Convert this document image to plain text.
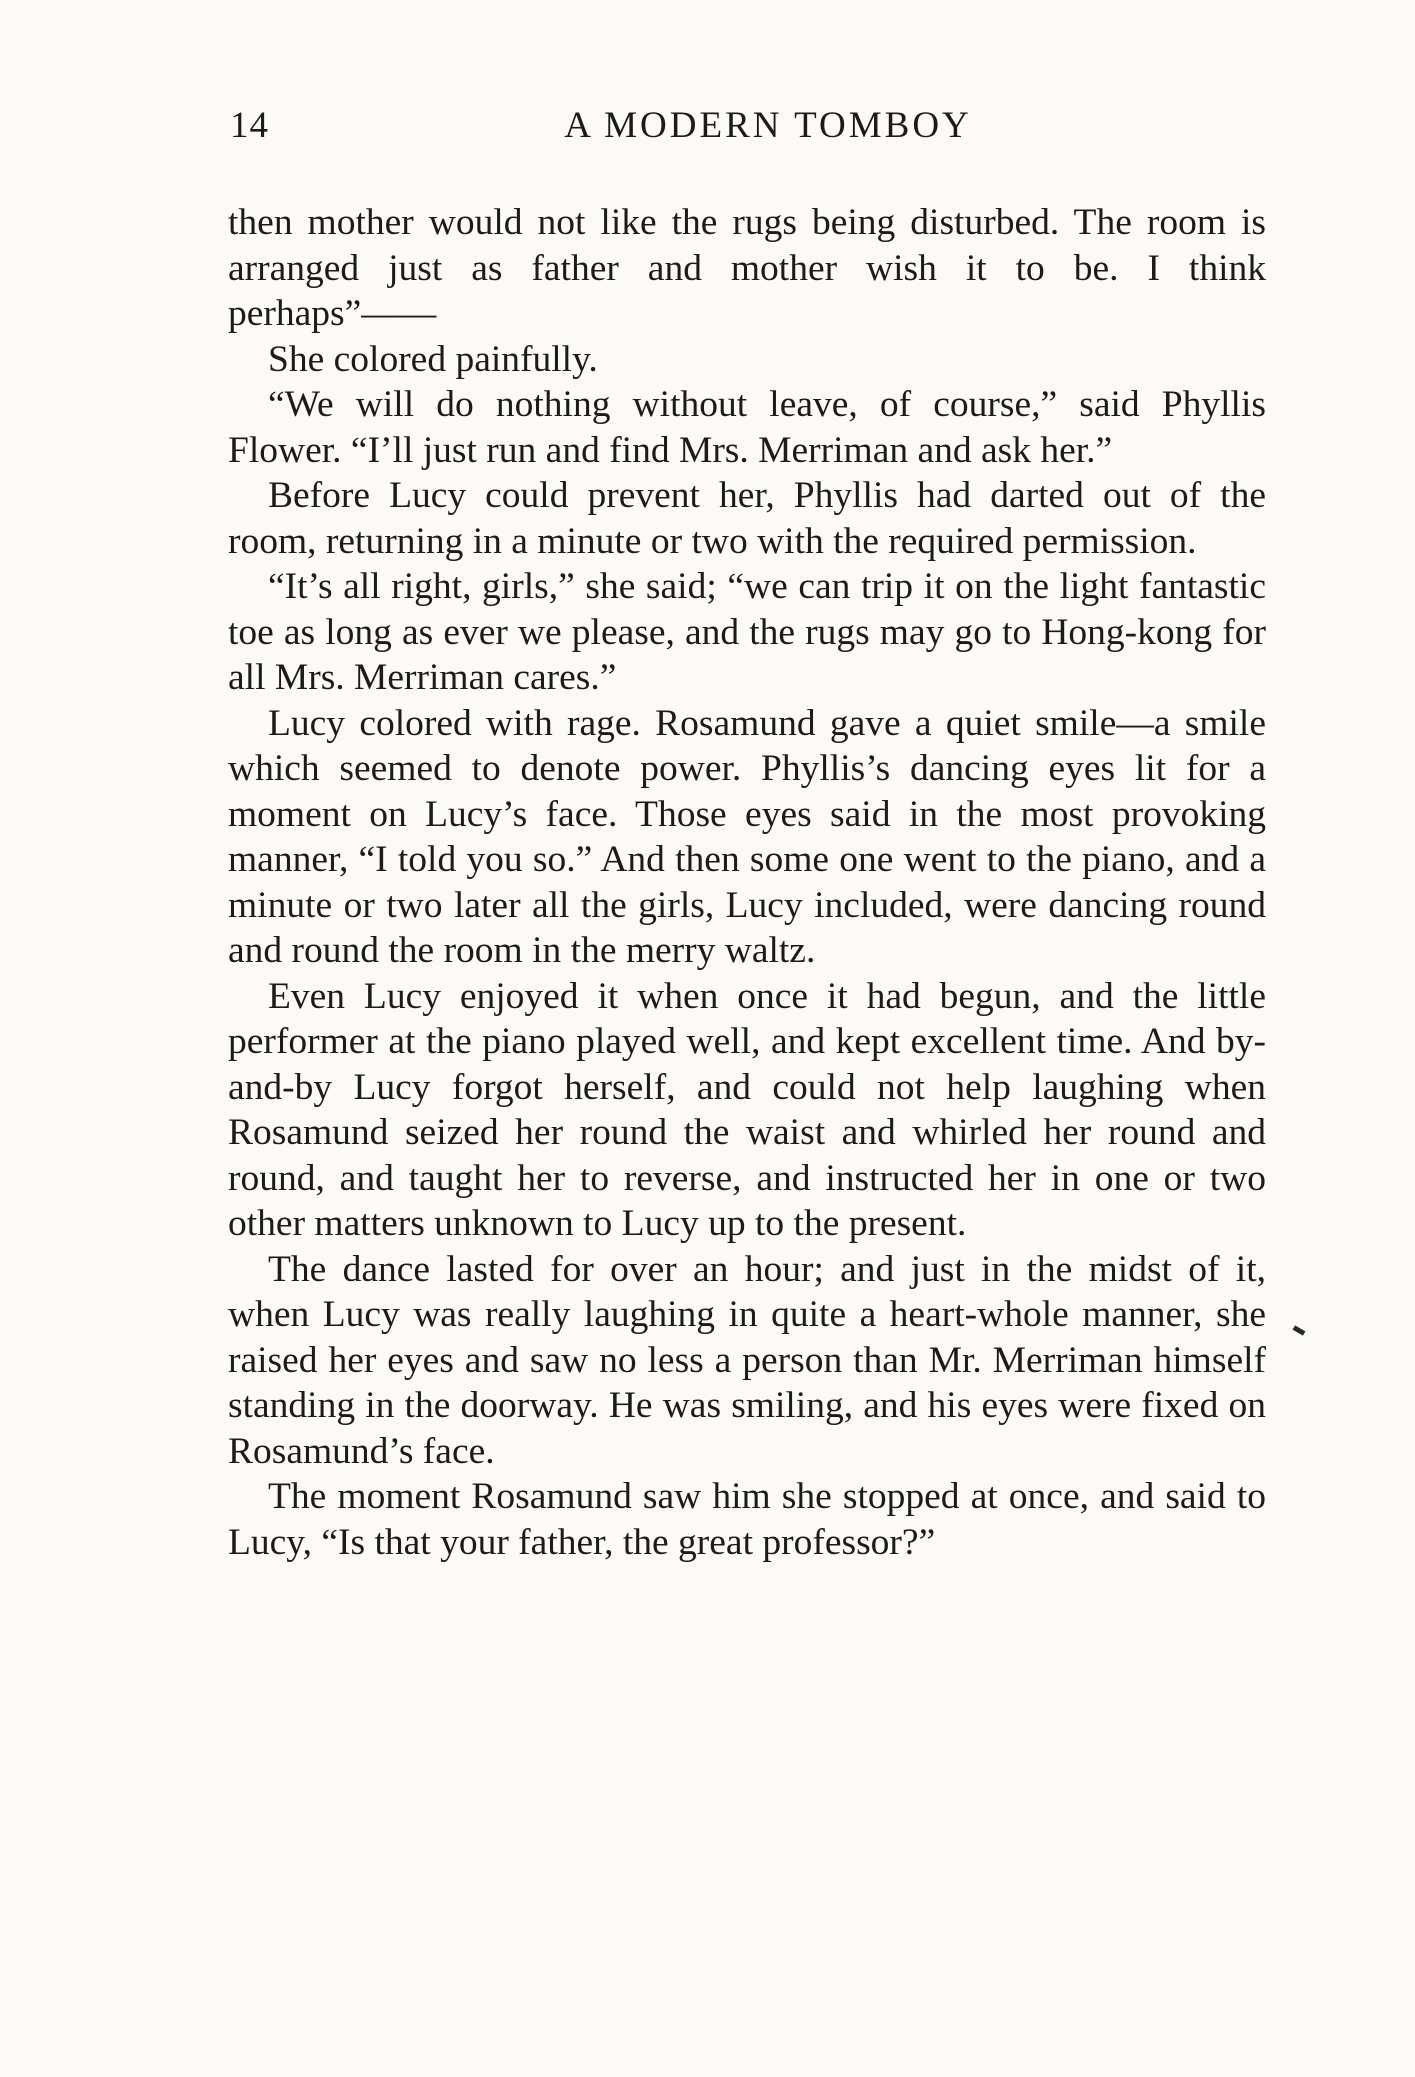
14	A MODERN TOMBOY

then mother would not like the rugs being disturbed. The room is arranged just as father and mother wish it to be. I think perhaps”——

She colored painfully.

“We will do nothing without leave, of course,” said Phyllis Flower. “I’ll just run and find Mrs. Merriman and ask her.”

Before Lucy could prevent her, Phyllis had darted out of the room, returning in a minute or two with the required permission.

“It’s all right, girls,” she said; “we can trip it on the light fantastic toe as long as ever we please, and the rugs may go to Hong-kong for all Mrs. Merriman cares.”

Lucy colored with rage. Rosamund gave a quiet smile—a smile which seemed to denote power. Phyllis’s dancing eyes lit for a moment on Lucy’s face. Those eyes said in the most provoking manner, “I told you so.” And then some one went to the piano, and a minute or two later all the girls, Lucy included, were dancing round and round the room in the merry waltz.

Even Lucy enjoyed it when once it had begun, and the little performer at the piano played well, and kept excellent time. And by-and-by Lucy forgot herself, and could not help laughing when Rosamund seized her round the waist and whirled her round and round, and taught her to reverse, and instructed her in one or two other matters unknown to Lucy up to the present.

The dance lasted for over an hour; and just in the midst of it, when Lucy was really laughing in quite a heart-whole manner, she raised her eyes and saw no less a person than Mr. Merriman himself standing in the doorway. He was smiling, and his eyes were fixed on Rosamund’s face.

The moment Rosamund saw him she stopped at once, and said to Lucy, “Is that your father, the great professor?”
